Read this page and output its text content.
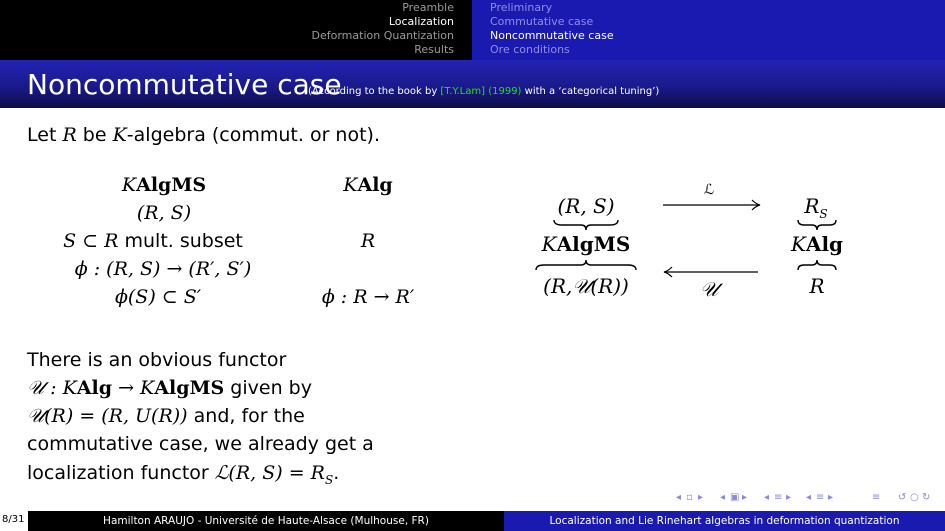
Preamble
Localization
Deformation Quantization
Results
Preliminary
Commutative case
Noncommutative case
Ore conditions
Noncommutative case
(According to the book by [T.Y.Lam] (1999) with a ‘categorical tuning’)
Let R be K-algebra (commut. or not).
KAlgMS	KAlg
(R, S)
S ⊂ R mult. subset	R
ϕ : (R, S) → (R′, S′)
ϕ(S) ⊂ S′	ϕ : R → R′
(R, S)
KAlgMS
(R,𝒰(R))
$R_S$
KAlg
R
ℒ
𝒰
There is an obvious functor
𝒰 : KAlg → KAlgMS given by
𝒰(R) = (R, U(R)) and, for the
commutative case, we already get a
localization functor ℒ(R, $S) = R_S$.
◂ ▫ ▸ ◂ ▣ ▸ ◂ ≡ ▸ ◂ ≡ ▸	≡ ↺ ○ ↻
8/31	Hamilton ARAUJO - Université de Haute-Alsace (Mulhouse, FR)	Localization and Lie Rinehart algebras in deformation quantization
